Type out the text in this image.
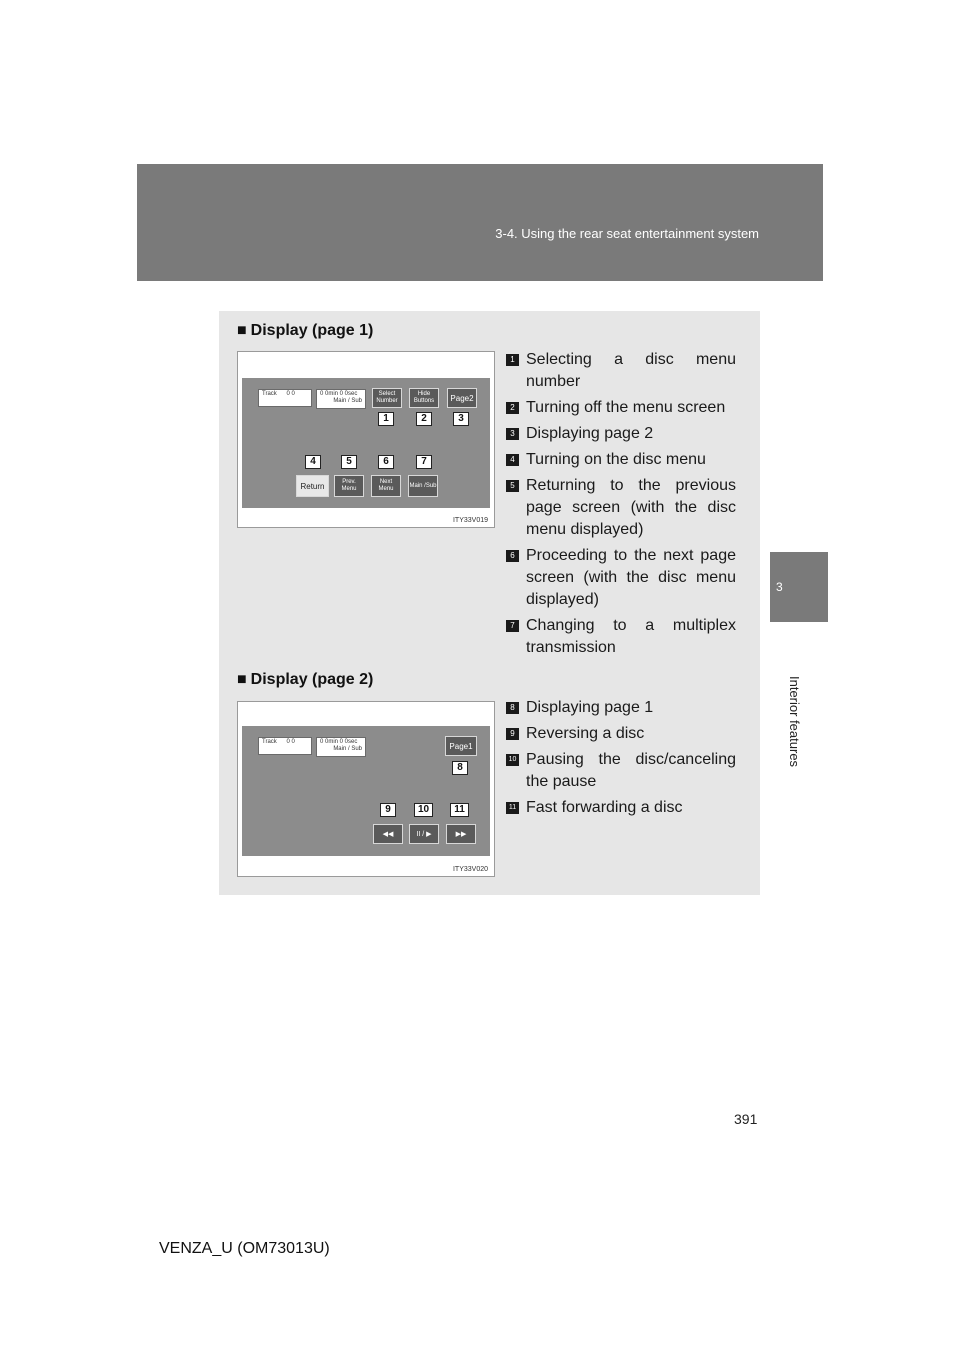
3-4. Using the rear seat entertainment system
3
Interior features
■ Display (page 1)
Track 0 0	0 0min 0 0sec
Main / Sub
Select Number
Hide Buttons	Page2
Return	Prev. Menu
Next Menu
Main /Sub
1	2	3
4	5	6	7
ITY33V019
1 Selecting a disc menu number
2 Turning off the menu screen
3 Displaying page 2
4 Turning on the disc menu
5 Returning to the previous page screen (with the disc menu displayed)
6 Proceeding to the next page screen (with the disc menu displayed)
7 Changing to a multiplex transmission
■ Display (page 2)
Track 0 0	0 0min 0 0sec
Main / Sub	Page1
◀◀	II / ▶	▶▶
8
9	10	11
ITY33V020
8 Displaying page 1
9 Reversing a disc
10 Pausing the disc/canceling the pause
11 Fast forwarding a disc
391
VENZA_U (OM73013U)
